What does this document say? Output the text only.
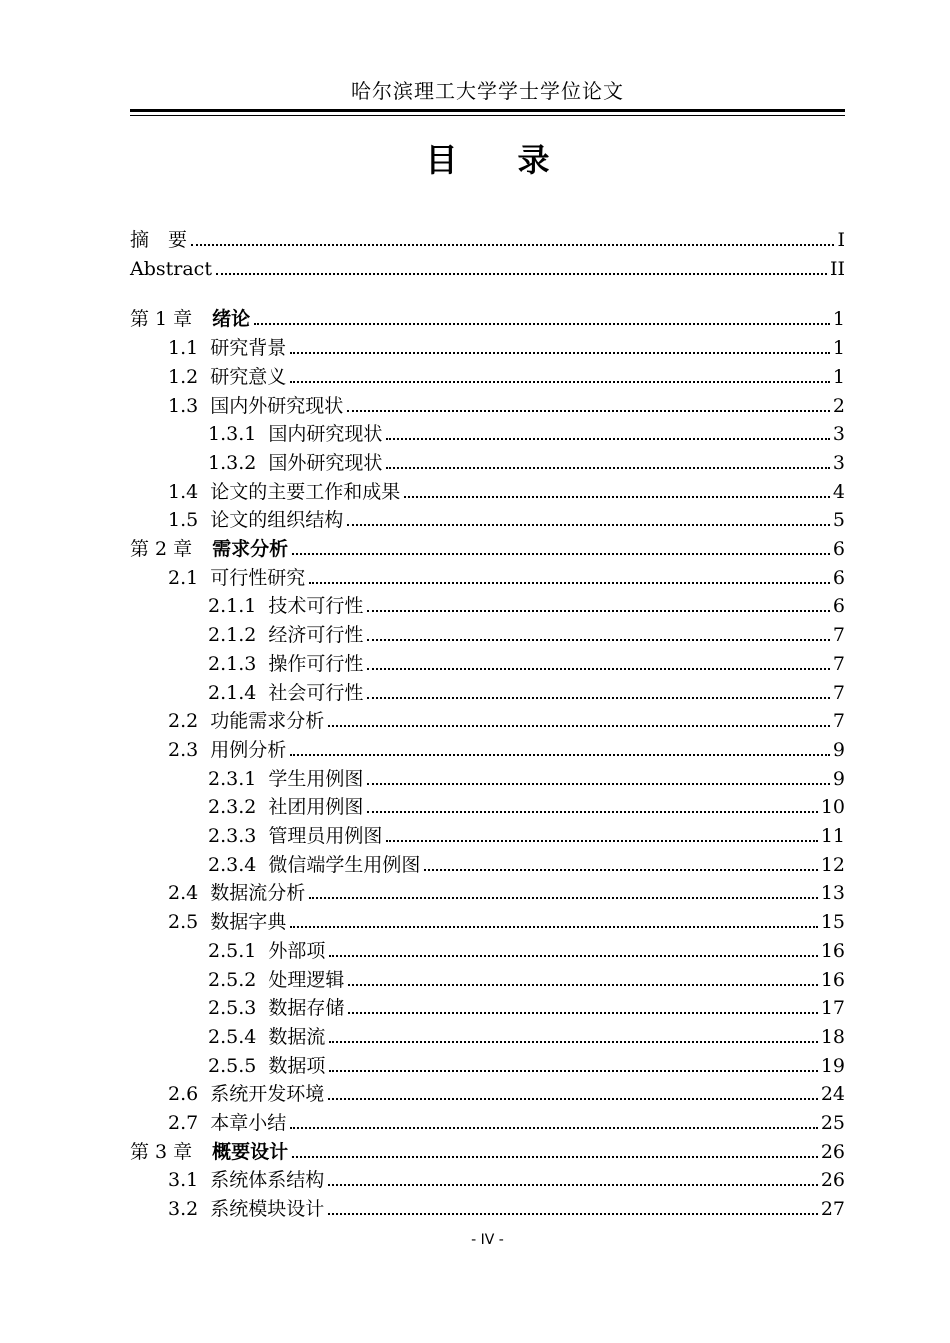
哈尔滨理工大学学士学位论文
目录
摘　要	I
Abstract	II
第 1 章	绪论	1
1.1 研究背景	1
1.2 研究意义	1
1.3 国内外研究现状	2
1.3.1 国内研究现状	3
1.3.2 国外研究现状	3
1.4 论文的主要工作和成果	4
1.5 论文的组织结构	5
第 2 章	需求分析	6
2.1 可行性研究	6
2.1.1 技术可行性	6
2.1.2 经济可行性	7
2.1.3 操作可行性	7
2.1.4 社会可行性	7
2.2 功能需求分析	7
2.3 用例分析	9
2.3.1 学生用例图	9
2.3.2 社团用例图	10
2.3.3 管理员用例图	11
2.3.4 微信端学生用例图	12
2.4 数据流分析	13
2.5 数据字典	15
2.5.1 外部项	16
2.5.2 处理逻辑	16
2.5.3 数据存储	17
2.5.4 数据流	18
2.5.5 数据项	19
2.6 系统开发环境	24
2.7 本章小结	25
第 3 章	概要设计	26
3.1 系统体系结构	26
3.2 系统模块设计	27
- IV -
